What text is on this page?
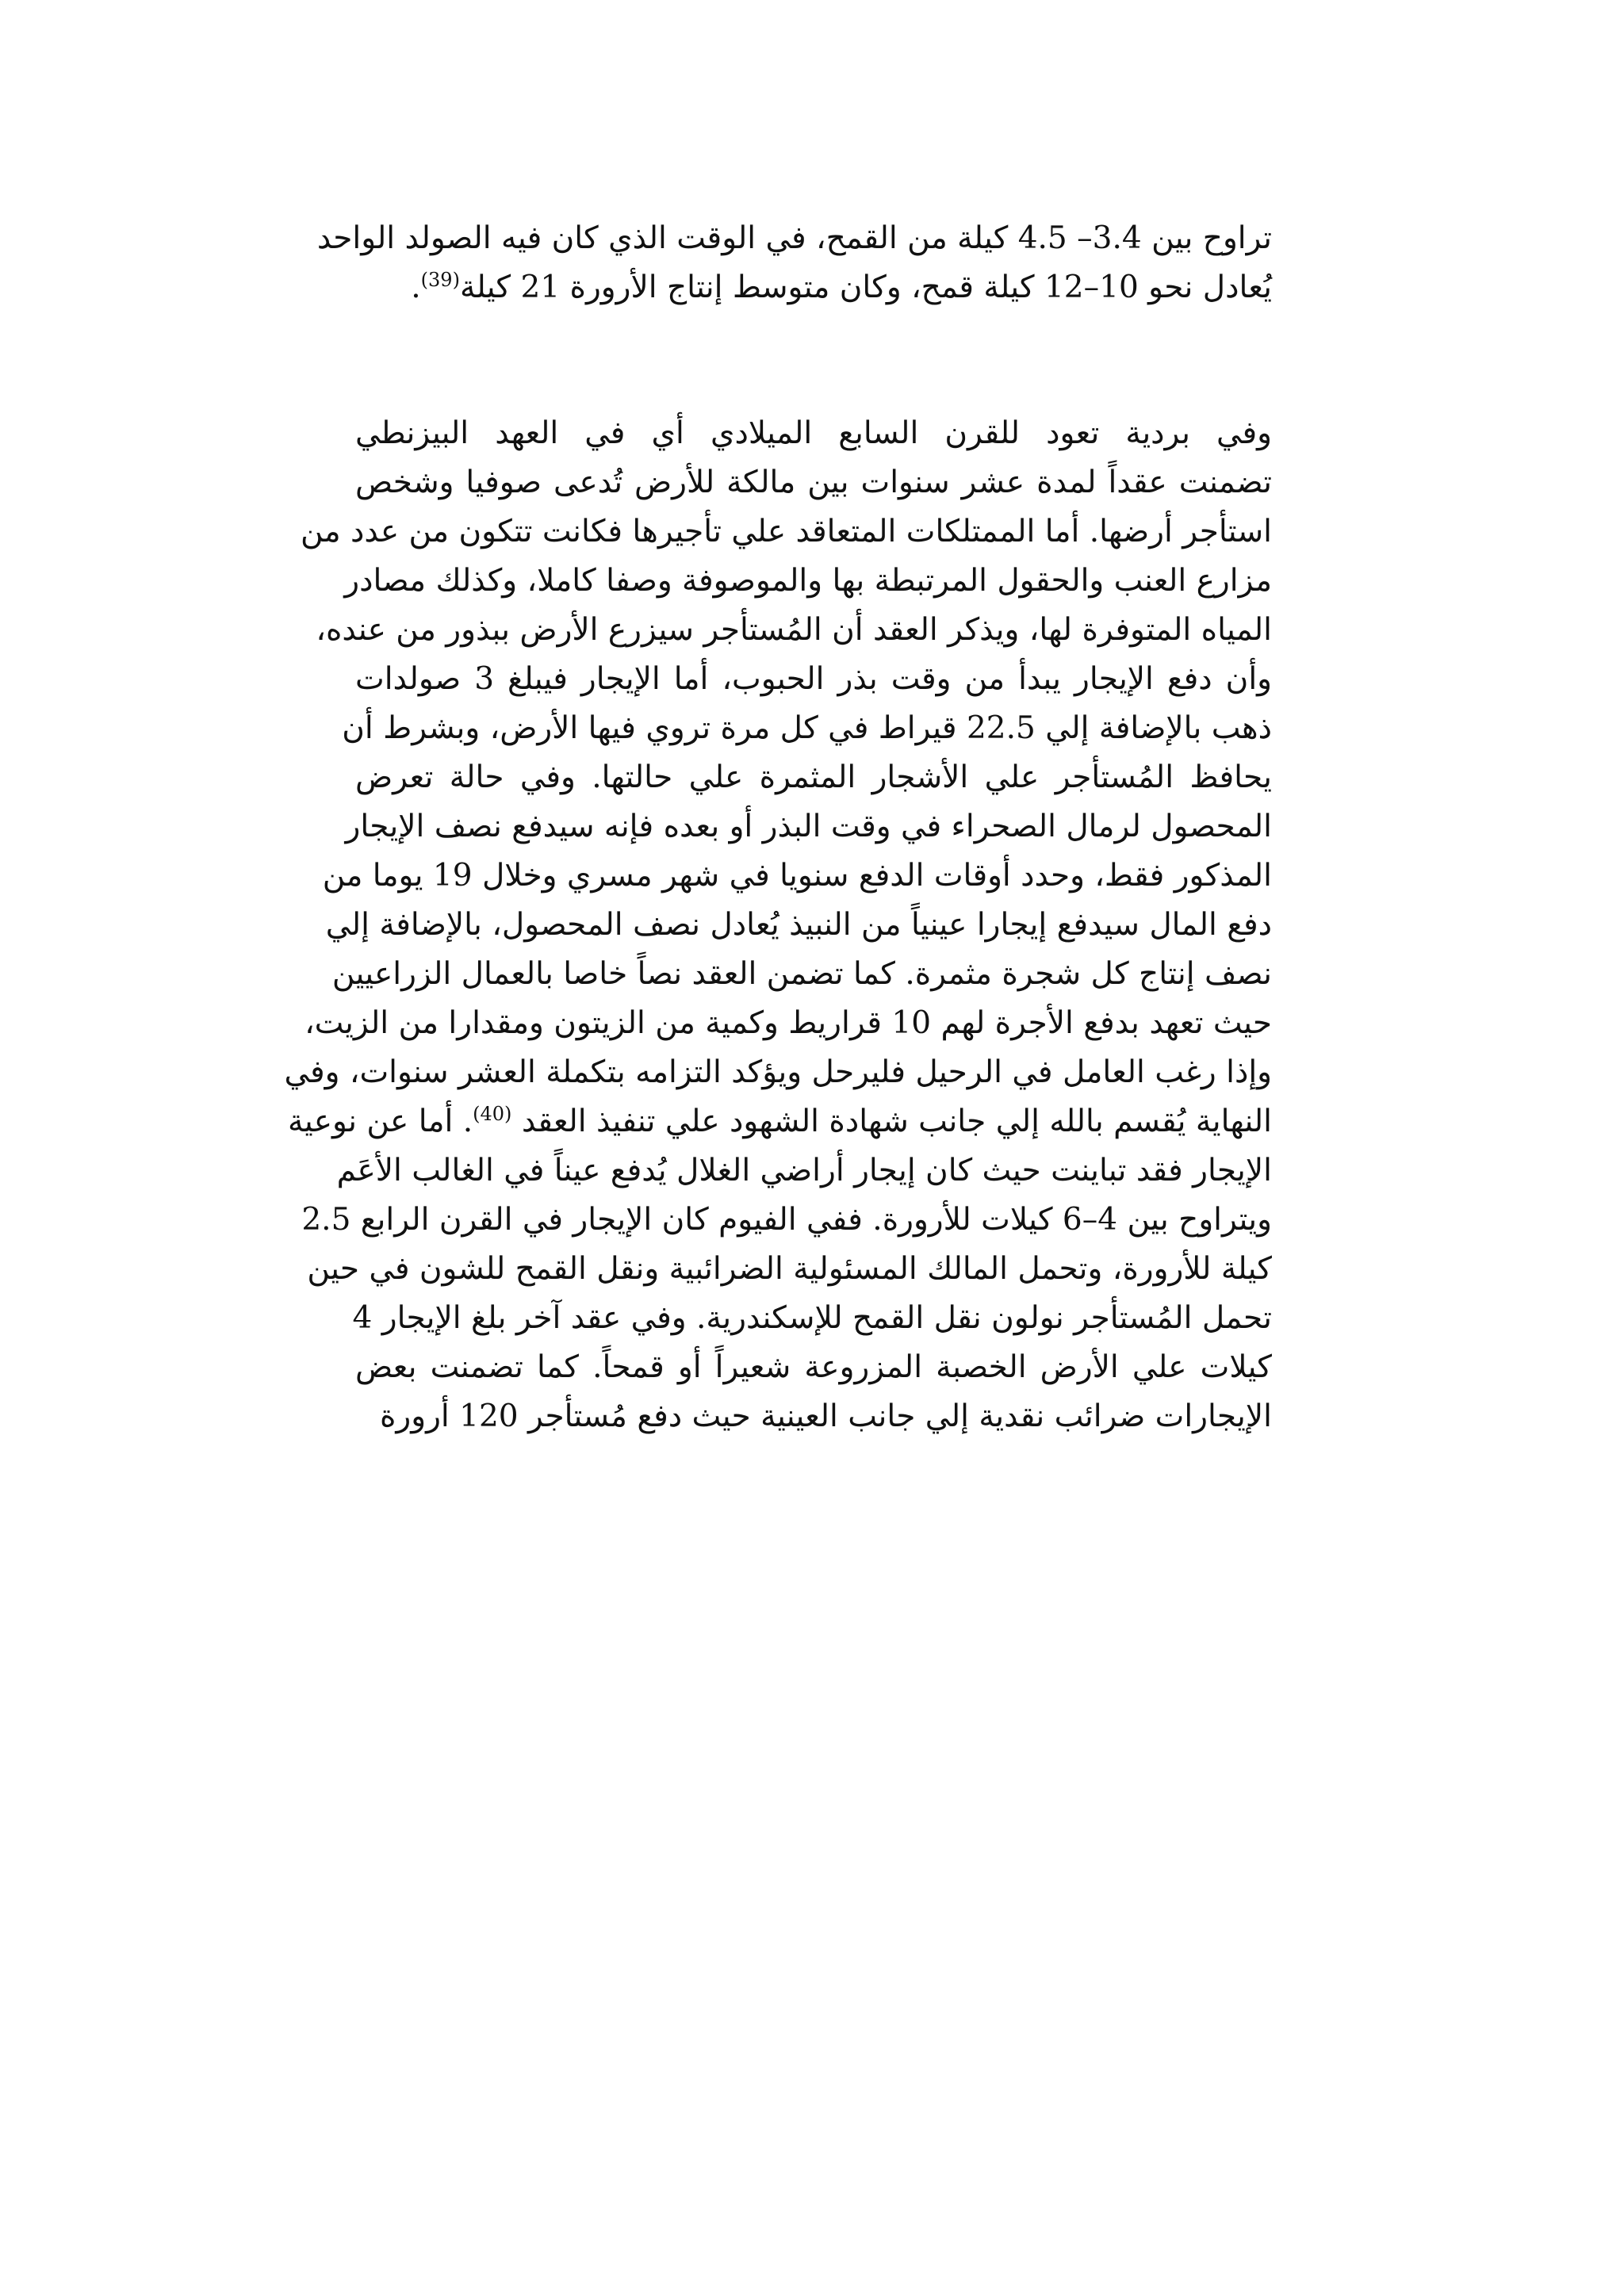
تراوح بين 3.4– 4.5 كيلة من القمح، في الوقت الذي كان فيه الصولد الواحد
يُعادل نحو 10–12 كيلة قمح، وكان متوسط إنتاج الأرورة 21 كيلة$^{(39)}$.
وفي بردية تعود للقرن السابع الميلادي أي في العهد البيزنطي
تضمنت عقداً لمدة عشر سنوات بين مالكة للأرض تُدعى صوفيا وشخص
استأجر أرضها. أما الممتلكات المتعاقد علي تأجيرها فكانت تتكون من عدد من
مزارع العنب والحقول المرتبطة بها والموصوفة وصفا كاملا، وكذلك مصادر
المياه المتوفرة لها، ويذكر العقد أن المُستأجر سيزرع الأرض ببذور من عنده،
وأن دفع الإيجار يبدأ من وقت بذر الحبوب، أما الإيجار فيبلغ 3 صولدات
ذهب بالإضافة إلي 22.5 قيراط في كل مرة تروي فيها الأرض، وبشرط أن
يحافظ المُستأجر علي الأشجار المثمرة علي حالتها. وفي حالة تعرض
المحصول لرمال الصحراء في وقت البذر أو بعده فإنه سيدفع نصف الإيجار
المذكور فقط، وحدد أوقات الدفع سنويا في شهر مسري وخلال 19 يوما من
دفع المال سيدفع إيجارا عينياً من النبيذ يُعادل نصف المحصول، بالإضافة إلي
نصف إنتاج كل شجرة مثمرة. كما تضمن العقد نصاً خاصا بالعمال الزراعيين
حيث تعهد بدفع الأجرة لهم 10 قراريط وكمية من الزيتون ومقدارا من الزيت،
وإذا رغب العامل في الرحيل فليرحل ويؤكد التزامه بتكملة العشر سنوات، وفي
النهاية يُقسم بالله إلي جانب شهادة الشهود علي تنفيذ العقد $^{(40)}$. أما عن نوعية
الإيجار فقد تباينت حيث كان إيجار أراضي الغلال يُدفع عيناً في الغالب الأعَم
ويتراوح بين 4–6 كيلات للأرورة. ففي الفيوم كان الإيجار في القرن الرابع 2.5
كيلة للأرورة، وتحمل المالك المسئولية الضرائبية ونقل القمح للشون في حين
تحمل المُستأجر نولون نقل القمح للإسكندرية. وفي عقد آخر بلغ الإيجار 4
كيلات علي الأرض الخصبة المزروعة شعيراً أو قمحاً. كما تضمنت بعض
الإيجارات ضرائب نقدية إلي جانب العينية حيث دفع مُستأجر 120 أرورة
